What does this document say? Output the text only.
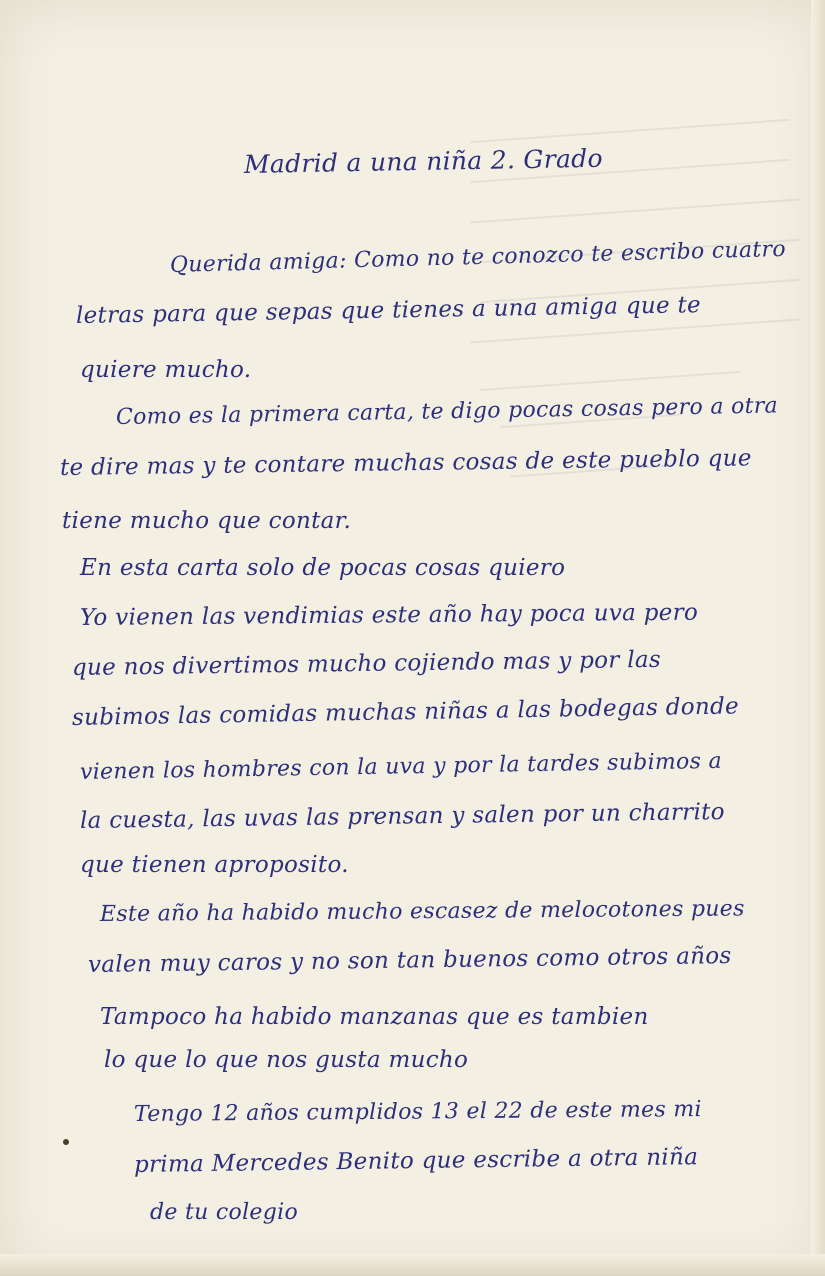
Madrid a una niña 2. Grado
Querida amiga: Como no te conozco te escribo cuatro
letras para que sepas que tienes a una amiga que te
quiere mucho.
Como es la primera carta, te digo pocas cosas pero a otra
te dire mas y te contare muchas cosas de este pueblo que
tiene mucho que contar.
En esta carta solo de pocas cosas quiero
Yo vienen las vendimias este año hay poca uva pero
que nos divertimos mucho cojiendo mas y por las
subimos las comidas muchas niñas a las bodegas donde
vienen los hombres con la uva y por la tardes subimos a
la cuesta, las uvas las prensan y salen por un charrito
que tienen aproposito.
Este año ha habido mucho escasez de melocotones pues
valen muy caros y no son tan buenos como otros años
Tampoco ha habido manzanas que es tambien
lo que lo que nos gusta mucho
Tengo 12 años cumplidos 13 el 22 de este mes mi
prima Mercedes Benito que escribe a otra niña
de tu colegio
